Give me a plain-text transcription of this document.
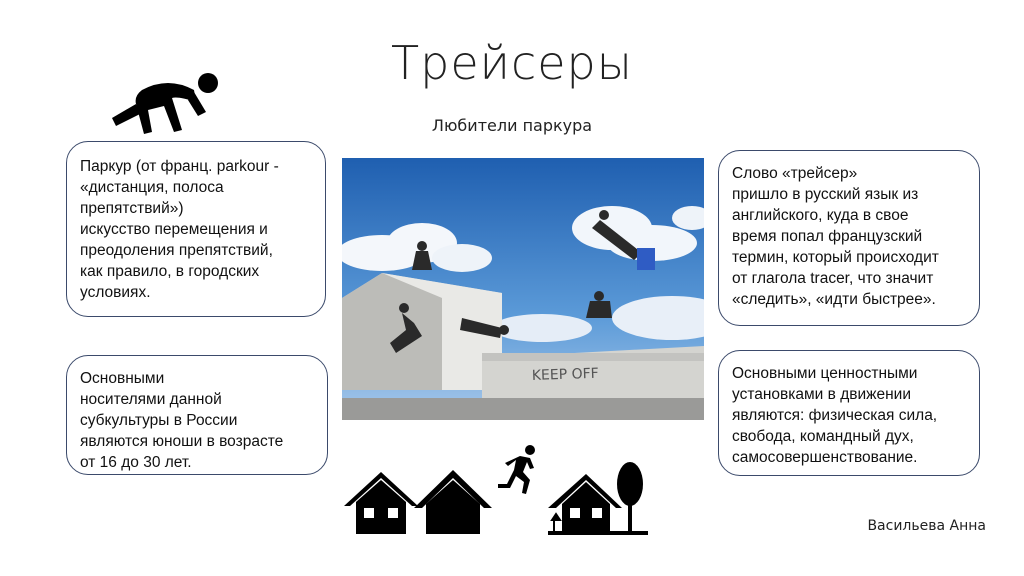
Трейсеры
Любители паркура
Паркур (от франц. parkour -
«дистанция, полоса
препятствий»)
искусство перемещения и
преодоления препятствий,
как правило, в городских
условиях.
Основными
носителями данной
субкультуры в России
являются юноши в возрасте
от 16 до 30 лет.
Слово «трейсер»
пришло в русский язык из
английского, куда в свое
время попал французский
термин, который происходит
от глагола tracer, что значит
«следить», «идти быстрее».
Основными ценностными
установками в движении
являются: физическая сила,
свобода, командный дух,
самосовершенствование.
KEEP OFF
Васильева Анна
